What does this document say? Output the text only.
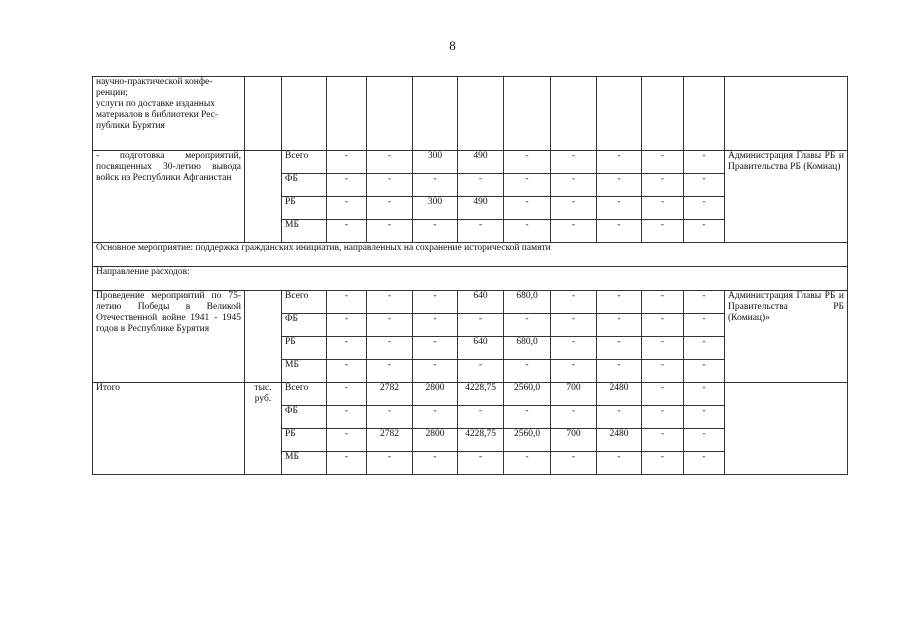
8
научно-практической конфе-
ренции;
услуги по доставке изданных
материалов в библиотеки Рес-
публики Бурятия												

- подготовка мероприятий, посвященных 30-летию вывода войск из Республики Афганистан		Всего	-	-	300	490	-	-	-	-	-	Администрация Главы РБ и Правительства РБ (Комиац)
		ФБ	-	-	-	-	-	-	-	-	-	
		РБ	-	-	300	490	-	-	-	-	-	
		МБ	-	-	-	-	-	-	-	-	-	
Основное мероприятие: поддержка гражданских инициатив, направленных на сохранение исторической памяти												
Направление расходов:												
Проведение мероприятий по 75-летию Победы в Великой Отечественной войне 1941 - 1945 годов в Республике Бурятия		Всего	-	-	-	640	680,0	-	-	-	-	Администрация Главы РБ и Правительства РБ (Комиац)»
		ФБ	-	-	-	-	-	-	-	-	-	
		РБ	-	-	-	640	680,0	-	-	-	-	
		МБ	-	-	-	-	-	-	-	-	-	
Итого	тыс. руб.	Всего	-	2782	2800	4228,75	2560,0	700	2480	-	-	
		ФБ	-	-	-	-	-	-	-	-	-	
		РБ	-	2782	2800	4228,75	2560,0	700	2480	-	-	
		МБ	-	-	-	-	-	-	-	-	-	
